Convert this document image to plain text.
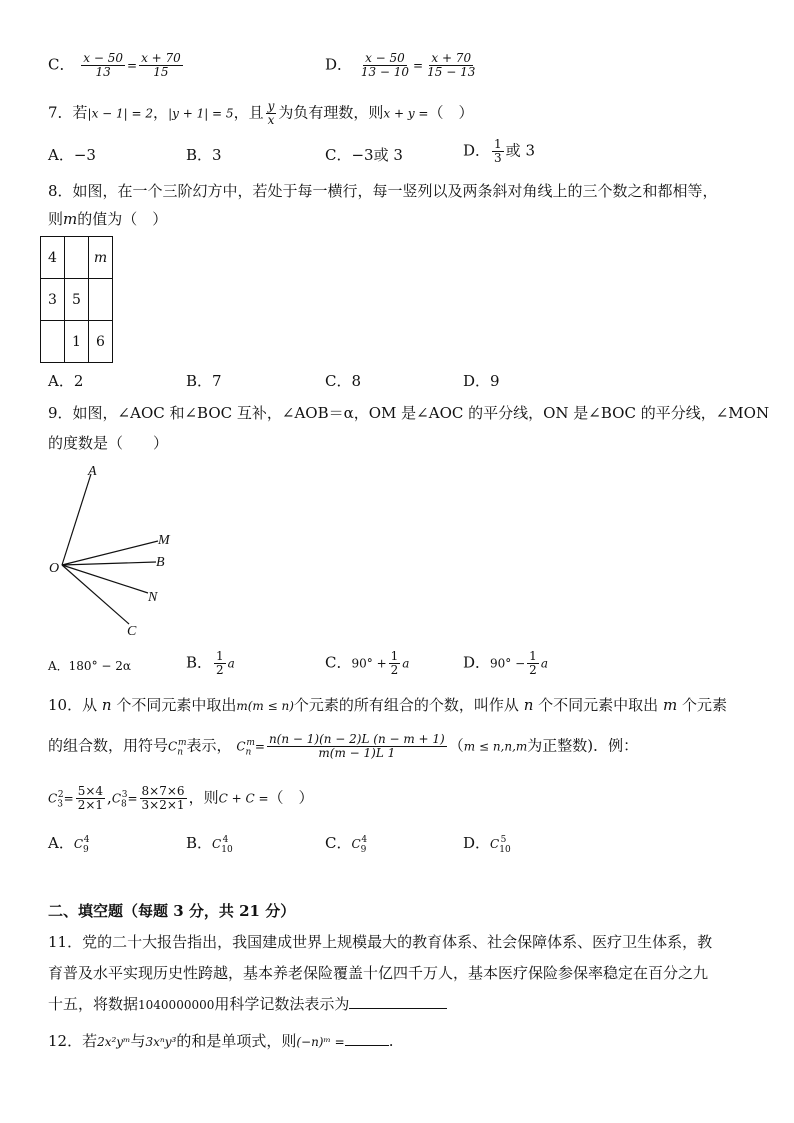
C． $\frac{x - 50}{13} = \frac{x + 70}{15}$	D． $\frac{x - 50}{13 - 10} = \frac{x + 70}{15 - 13}$
7．若|x − 1| = 2，|y + 1| = 5，且 $\frac{y}{x}$ 为负有理数，则x + y =（　）
A．−3	B．3	C．−3或 3	D． $\frac{1}{3}$ 或 3
8．如图，在一个三阶幻方中，若处于每一横行，每一竖列以及两条斜对角线上的三个数之和都相等，
则m的值为（　）
4		m
3	5	
	1	6
A．2	B．7	C．8	D．9
9．如图，∠AOC 和∠BOC 互补，∠AOB＝α，OM 是∠AOC 的平分线，ON 是∠BOC 的平分线，∠MON
的度数是（　　）
A
M
B
O
N
C
A．180° − 2α	B． $\frac{1}{2}$ a	C．$90^\circ + \frac{1}{2}$ a	D．$90^\circ - \frac{1}{2}$ a
10．从 n 个不同元素中取出m(m ≤ n)个元素的所有组合的个数，叫作从 n 个不同元素中取出 m 个元素
的组合数，用符号$C_n^m$表示， $C_n^m= \frac{n(n - 1)(n - 2)L (n - m + 1)}{m(m - 1)L 1} (m \le n,n,m$为正整数)．例：
$C_3^2= \frac{5\times 4}{2\times 1} ,C_8^3= \frac{8\times 7\times 6}{3\times 2\times 1}$ ，则C + C =（　）
A．$C_9^4$	B．$C_{10}^4$	C．$C_9^4$	D．$C_{10}^5$
二、填空题（每题 3 分，共 21 分）
11．党的二十大报告指出，我国建成世界上规模最大的教育体系、社会保障体系、医疗卫生体系，教
育普及水平实现历史性跨越，基本养老保险覆盖十亿四千万人，基本医疗保险参保率稳定在百分之九
十五，将数据1040000000用科学记数法表示为
12．若2x²yᵐ与3xⁿy³的和是单项式，则(−n)ᵐ =	.
